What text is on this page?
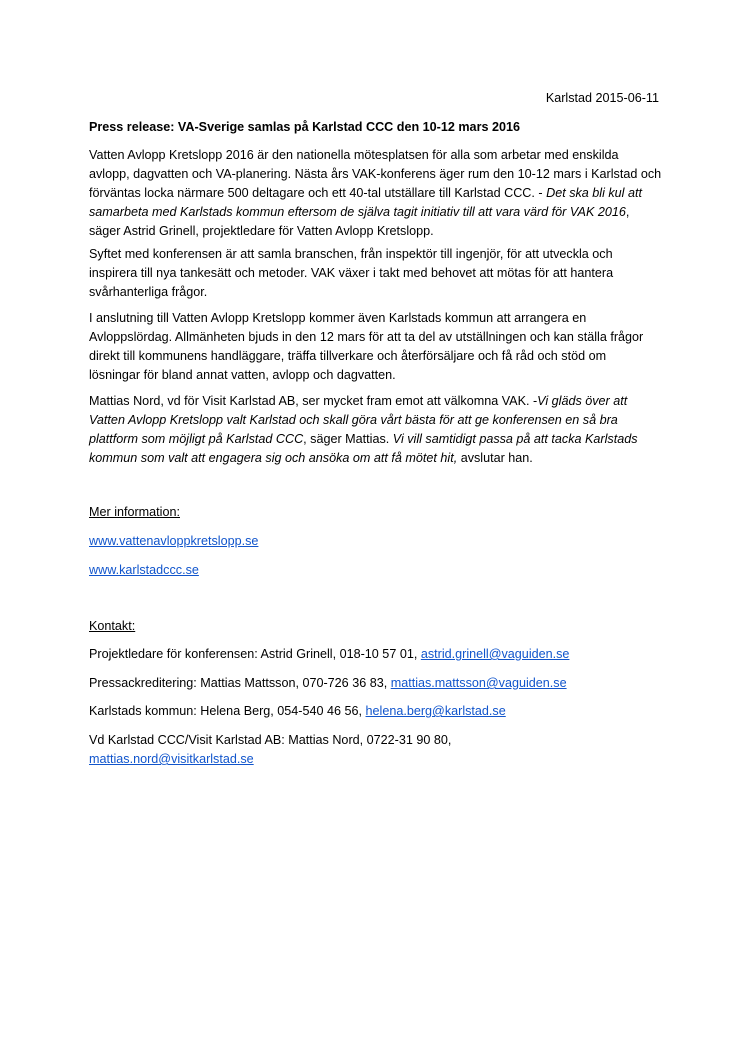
Karlstad 2015-06-11
Press release: VA-Sverige samlas på Karlstad CCC den 10-12 mars 2016
Vatten Avlopp Kretslopp 2016 är den nationella mötesplatsen för alla som arbetar med enskilda
avlopp, dagvatten och VA-planering. Nästa års VAK-konferens äger rum den 10-12 mars i Karlstad och
förväntas locka närmare 500 deltagare och ett 40-tal utställare till Karlstad CCC. - Det ska bli kul att
samarbeta med Karlstads kommun eftersom de själva tagit initiativ till att vara värd för VAK 2016,
säger Astrid Grinell, projektledare för Vatten Avlopp Kretslopp.
Syftet med konferensen är att samla branschen, från inspektör till ingenjör, för att utveckla och
inspirera till nya tankesätt och metoder. VAK växer i takt med behovet att mötas för att hantera
svårhanterliga frågor.
I anslutning till Vatten Avlopp Kretslopp kommer även Karlstads kommun att arrangera en
Avloppslördag. Allmänheten bjuds in den 12 mars för att ta del av utställningen och kan ställa frågor
direkt till kommunens handläggare, träffa tillverkare och återförsäljare och få råd och stöd om
lösningar för bland annat vatten, avlopp och dagvatten.
Mattias Nord, vd för Visit Karlstad AB, ser mycket fram emot att välkomna VAK. -Vi gläds över att
Vatten Avlopp Kretslopp valt Karlstad och skall göra vårt bästa för att ge konferensen en så bra
plattform som möjligt på Karlstad CCC, säger Mattias. Vi vill samtidigt passa på att tacka Karlstads
kommun som valt att engagera sig och ansöka om att få mötet hit, avslutar han.
Mer information:
www.vattenavloppkretslopp.se
www.karlstadccc.se
Kontakt:
Projektledare för konferensen: Astrid Grinell, 018-10 57 01, astrid.grinell@vaguiden.se
Pressackreditering: Mattias Mattsson, 070-726 36 83, mattias.mattsson@vaguiden.se
Karlstads kommun: Helena Berg, 054-540 46 56, helena.berg@karlstad.se
Vd Karlstad CCC/Visit Karlstad AB: Mattias Nord, 0722-31 90 80,
mattias.nord@visitkarlstad.se
